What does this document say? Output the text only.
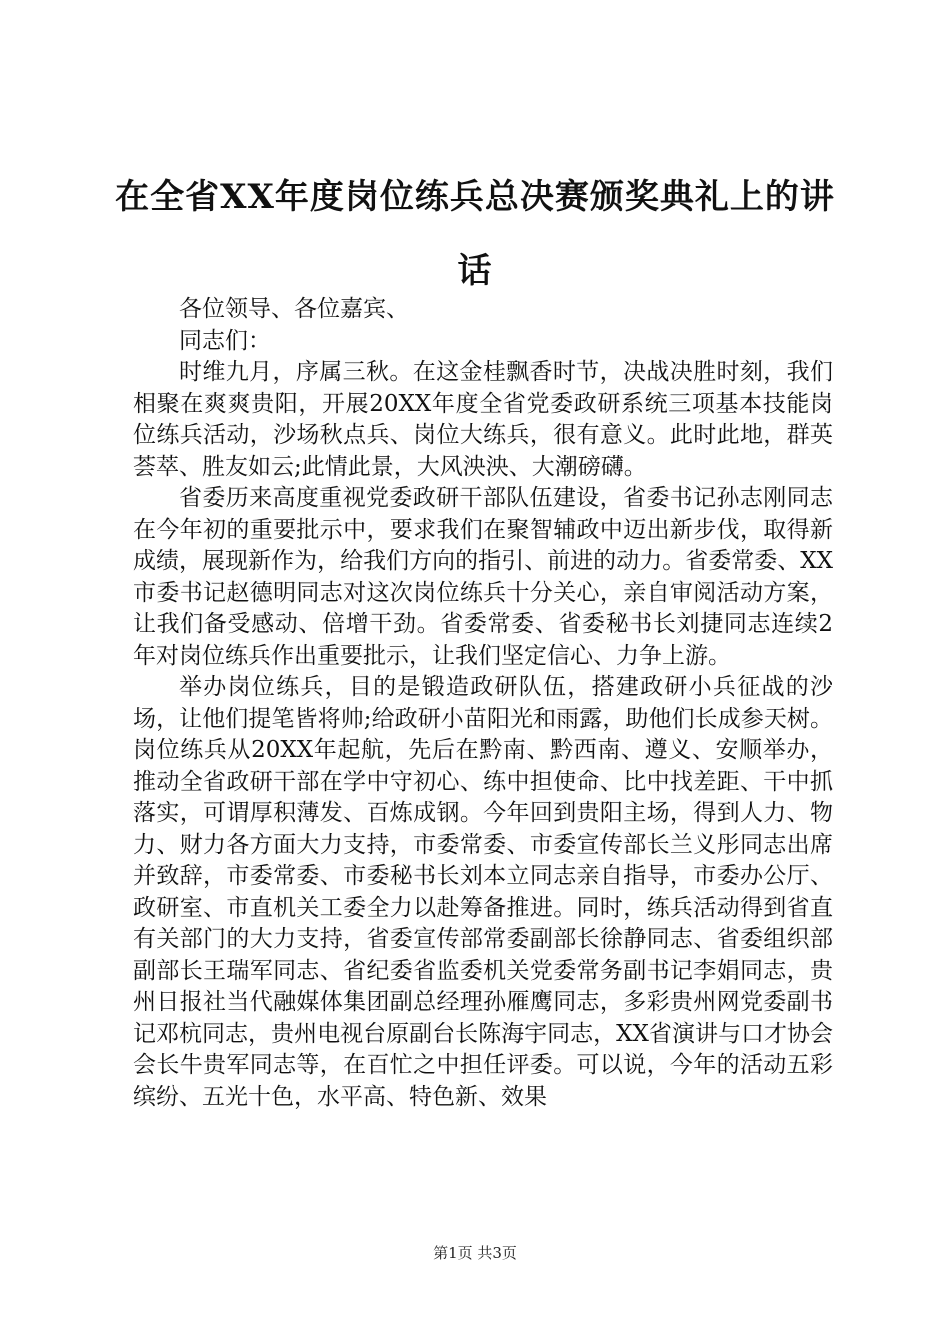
在全省XX年度岗位练兵总决赛颁奖典礼上的讲话

各位领导、各位嘉宾、

同志们：

时维九月，序属三秋。在这金桂飘香时节，决战决胜时刻，我们相聚在爽爽贵阳，开展20XX年度全省党委政研系统三项基本技能岗位练兵活动，沙场秋点兵、岗位大练兵，很有意义。此时此地，群英荟萃、胜友如云;此情此景，大风泱泱、大潮磅礴。

省委历来高度重视党委政研干部队伍建设，省委书记孙志刚同志在今年初的重要批示中，要求我们在聚智辅政中迈出新步伐，取得新成绩，展现新作为，给我们方向的指引、前进的动力。省委常委、XX市委书记赵德明同志对这次岗位练兵十分关心，亲自审阅活动方案，让我们备受感动、倍增干劲。省委常委、省委秘书长刘捷同志连续2年对岗位练兵作出重要批示，让我们坚定信心、力争上游。

举办岗位练兵，目的是锻造政研队伍，搭建政研小兵征战的沙场，让他们提笔皆将帅;给政研小苗阳光和雨露，助他们长成参天树。岗位练兵从20XX年起航，先后在黔南、黔西南、遵义、安顺举办，推动全省政研干部在学中守初心、练中担使命、比中找差距、干中抓落实，可谓厚积薄发、百炼成钢。今年回到贵阳主场，得到人力、物力、财力各方面大力支持，市委常委、市委宣传部长兰义彤同志出席并致辞，市委常委、市委秘书长刘本立同志亲自指导，市委办公厅、政研室、市直机关工委全力以赴筹备推进。同时，练兵活动得到省直有关部门的大力支持，省委宣传部常委副部长徐静同志、省委组织部副部长王瑞军同志、省纪委省监委机关党委常务副书记李娟同志，贵州日报社当代融媒体集团副总经理孙雁鹰同志，多彩贵州网党委副书记邓杭同志，贵州电视台原副台长陈海宇同志，XX省演讲与口才协会会长牛贵军同志等，在百忙之中担任评委。可以说，今年的活动五彩缤纷、五光十色，水平高、特色新、效果

第1页 共3页
